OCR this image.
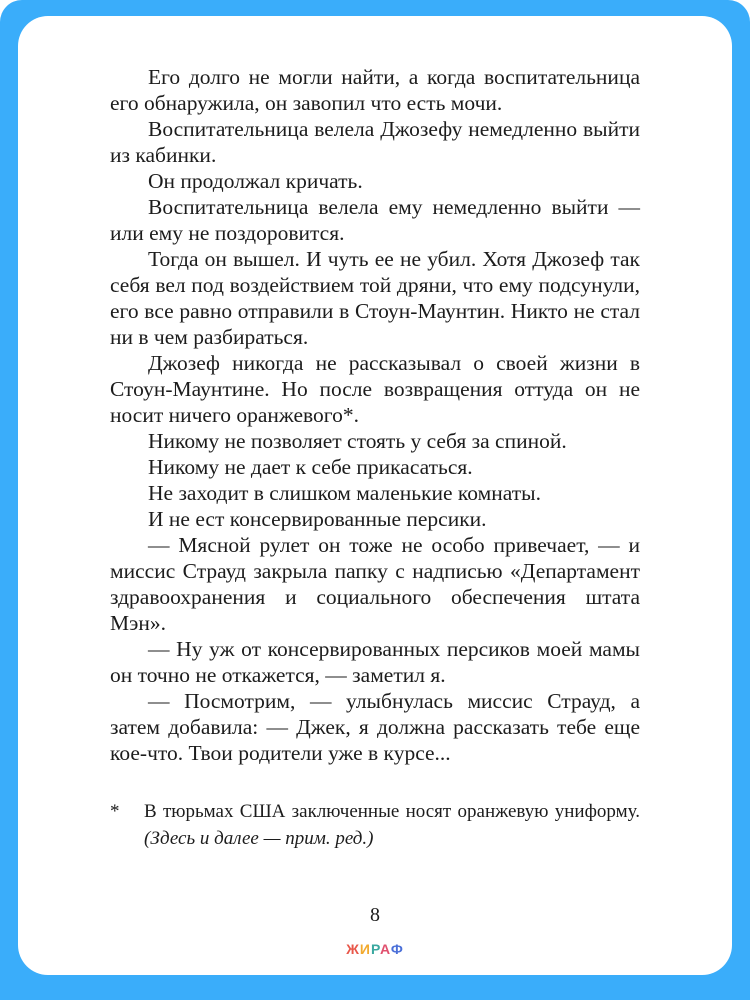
Его долго не могли найти, а когда воспитательница его обнаружила, он завопил что есть мочи.

Воспитательница велела Джозефу немедленно выйти из кабинки.

Он продолжал кричать.

Воспитательница велела ему немедленно выйти — или ему не поздоровится.

Тогда он вышел. И чуть ее не убил. Хотя Джозеф так себя вел под воздействием той дряни, что ему подсунули, его все равно отправили в Стоун-Маунтин. Никто не стал ни в чем разбираться.

Джозеф никогда не рассказывал о своей жизни в Стоун-Маунтине. Но после возвращения оттуда он не носит ничего оранжевого*.

Никому не позволяет стоять у себя за спиной.

Никому не дает к себе прикасаться.

Не заходит в слишком маленькие комнаты.

И не ест консервированные персики.

— Мясной рулет он тоже не особо привечает, — и миссис Страуд закрыла папку с надписью «Департамент здравоохранения и социального обеспечения штата Мэн».

— Ну уж от консервированных персиков моей мамы он точно не откажется, — заметил я.

— Посмотрим, — улыбнулась миссис Страуд, а затем добавила: — Джек, я должна рассказать тебе еще кое-что. Твои родители уже в курсе...

*	В тюрьмах США заключенные носят оранжевую униформу. (Здесь и далее — прим. ред.)
8
ЖИРАФ
